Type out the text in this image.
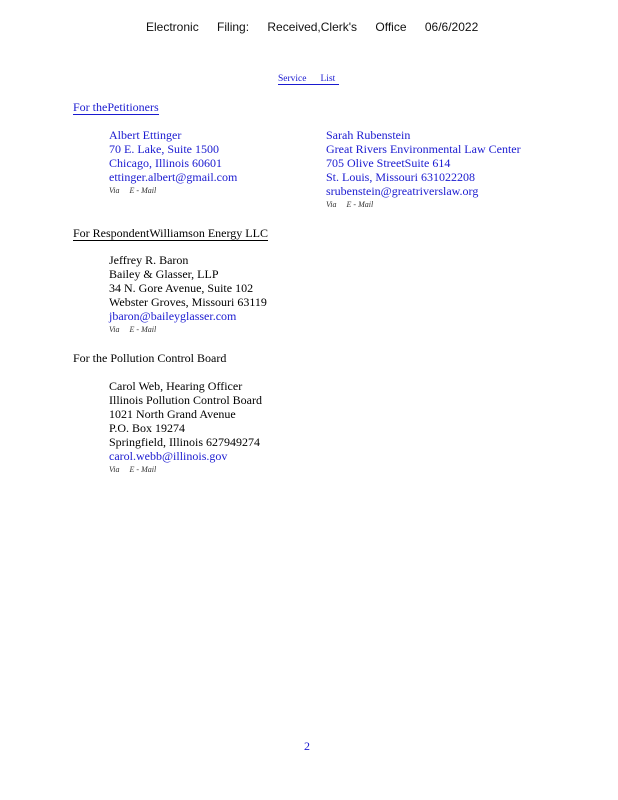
Electronic Filing: Received,Clerk's Office 06/6/2022
Service List
For thePetitioners
Albert Ettinger
70 E. Lake, Suite 1500
Chicago, Illinois 60601
ettinger.albert@gmail.com
Via E - Mail
Sarah Rubenstein
Great Rivers Environmental Law Center
705 Olive StreetSuite 614
St. Louis, Missouri 631022208
srubenstein@greatriverslaw.org
Via E - Mail
For RespondentWilliamson Energy LLC
Jeffrey R. Baron
Bailey & Glasser, LLP
34 N. Gore Avenue, Suite 102
Webster Groves, Missouri 63119
jbaron@baileyglasser.com
Via E - Mail
For the Pollution Control Board
Carol Web, Hearing Officer
Illinois Pollution Control Board
1021 North Grand Avenue
P.O. Box 19274
Springfield, Illinois 627949274
carol.webb@illinois.gov
Via E - Mail
2
